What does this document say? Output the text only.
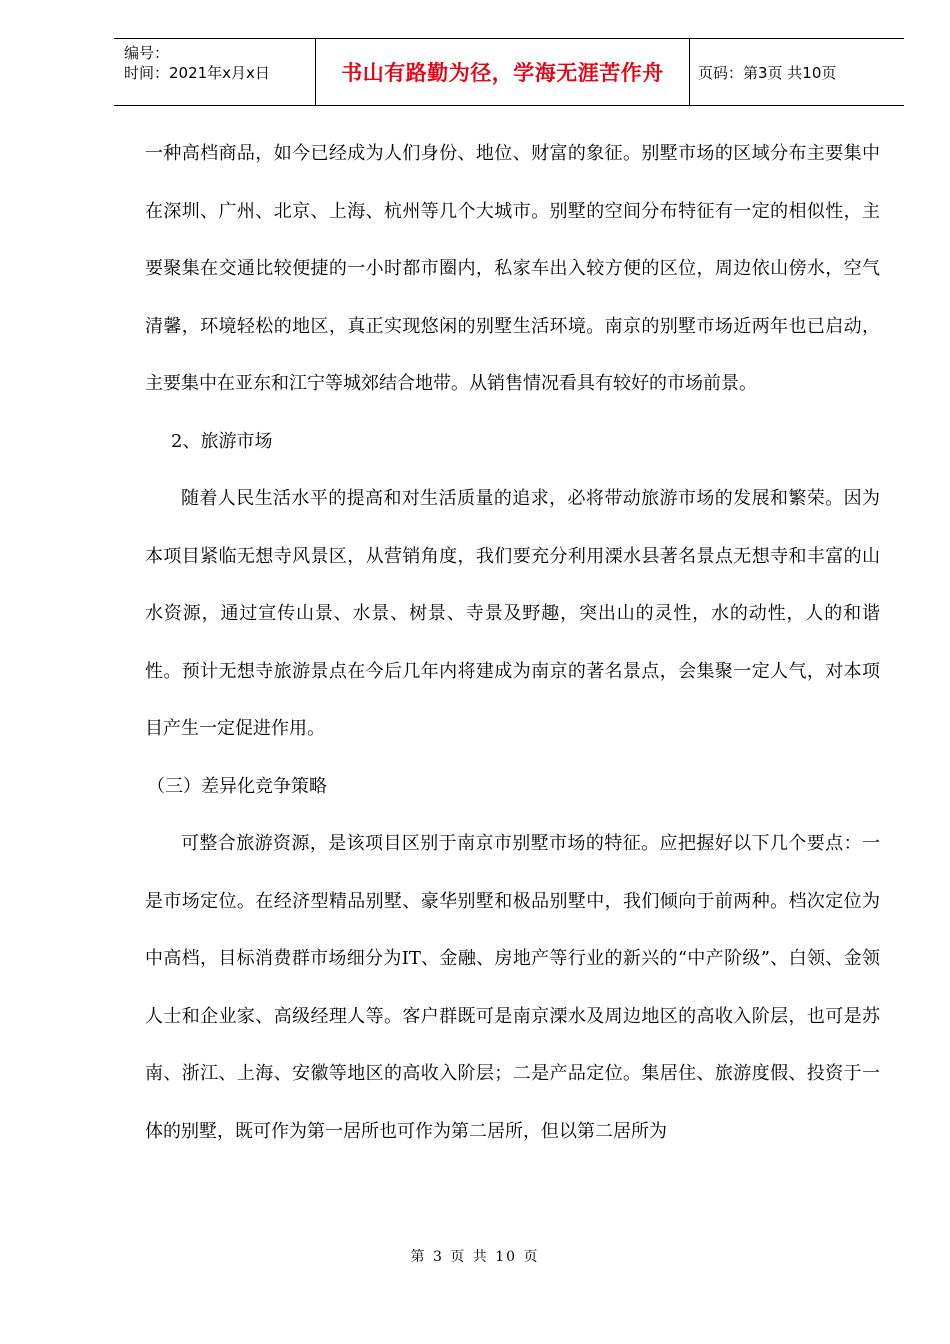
编号：
时间：2021年x月x日	书山有路勤为径，学海无涯苦作舟	页码：第3页 共10页

一种高档商品，如今已经成为人们身份、地位、财富的象征。别墅市场的区域分布主要集中在深圳、广州、北京、上海、杭州等几个大城市。别墅的空间分布特征有一定的相似性，主要聚集在交通比较便捷的一小时都市圈内，私家车出入较方便的区位，周边依山傍水，空气清馨，环境轻松的地区，真正实现悠闲的别墅生活环境。南京的别墅市场近两年也已启动，主要集中在亚东和江宁等城郊结合地带。从销售情况看具有较好的市场前景。

2、旅游市场

随着人民生活水平的提高和对生活质量的追求，必将带动旅游市场的发展和繁荣。因为本项目紧临无想寺风景区，从营销角度，我们要充分利用溧水县著名景点无想寺和丰富的山水资源，通过宣传山景、水景、树景、寺景及野趣，突出山的灵性，水的动性，人的和谐性。预计无想寺旅游景点在今后几年内将建成为南京的著名景点，会集聚一定人气，对本项目产生一定促进作用。

（三）差异化竞争策略

可整合旅游资源，是该项目区别于南京市别墅市场的特征。应把握好以下几个要点：一是市场定位。在经济型精品别墅、豪华别墅和极品别墅中，我们倾向于前两种。档次定位为中高档，目标消费群市场细分为IT、金融、房地产等行业的新兴的“中产阶级”、白领、金领人士和企业家、高级经理人等。客户群既可是南京溧水及周边地区的高收入阶层，也可是苏南、浙江、上海、安徽等地区的高收入阶层；二是产品定位。集居住、旅游度假、投资于一体的别墅，既可作为第一居所也可作为第二居所，但以第二居所为

第 3 页 共 10 页
